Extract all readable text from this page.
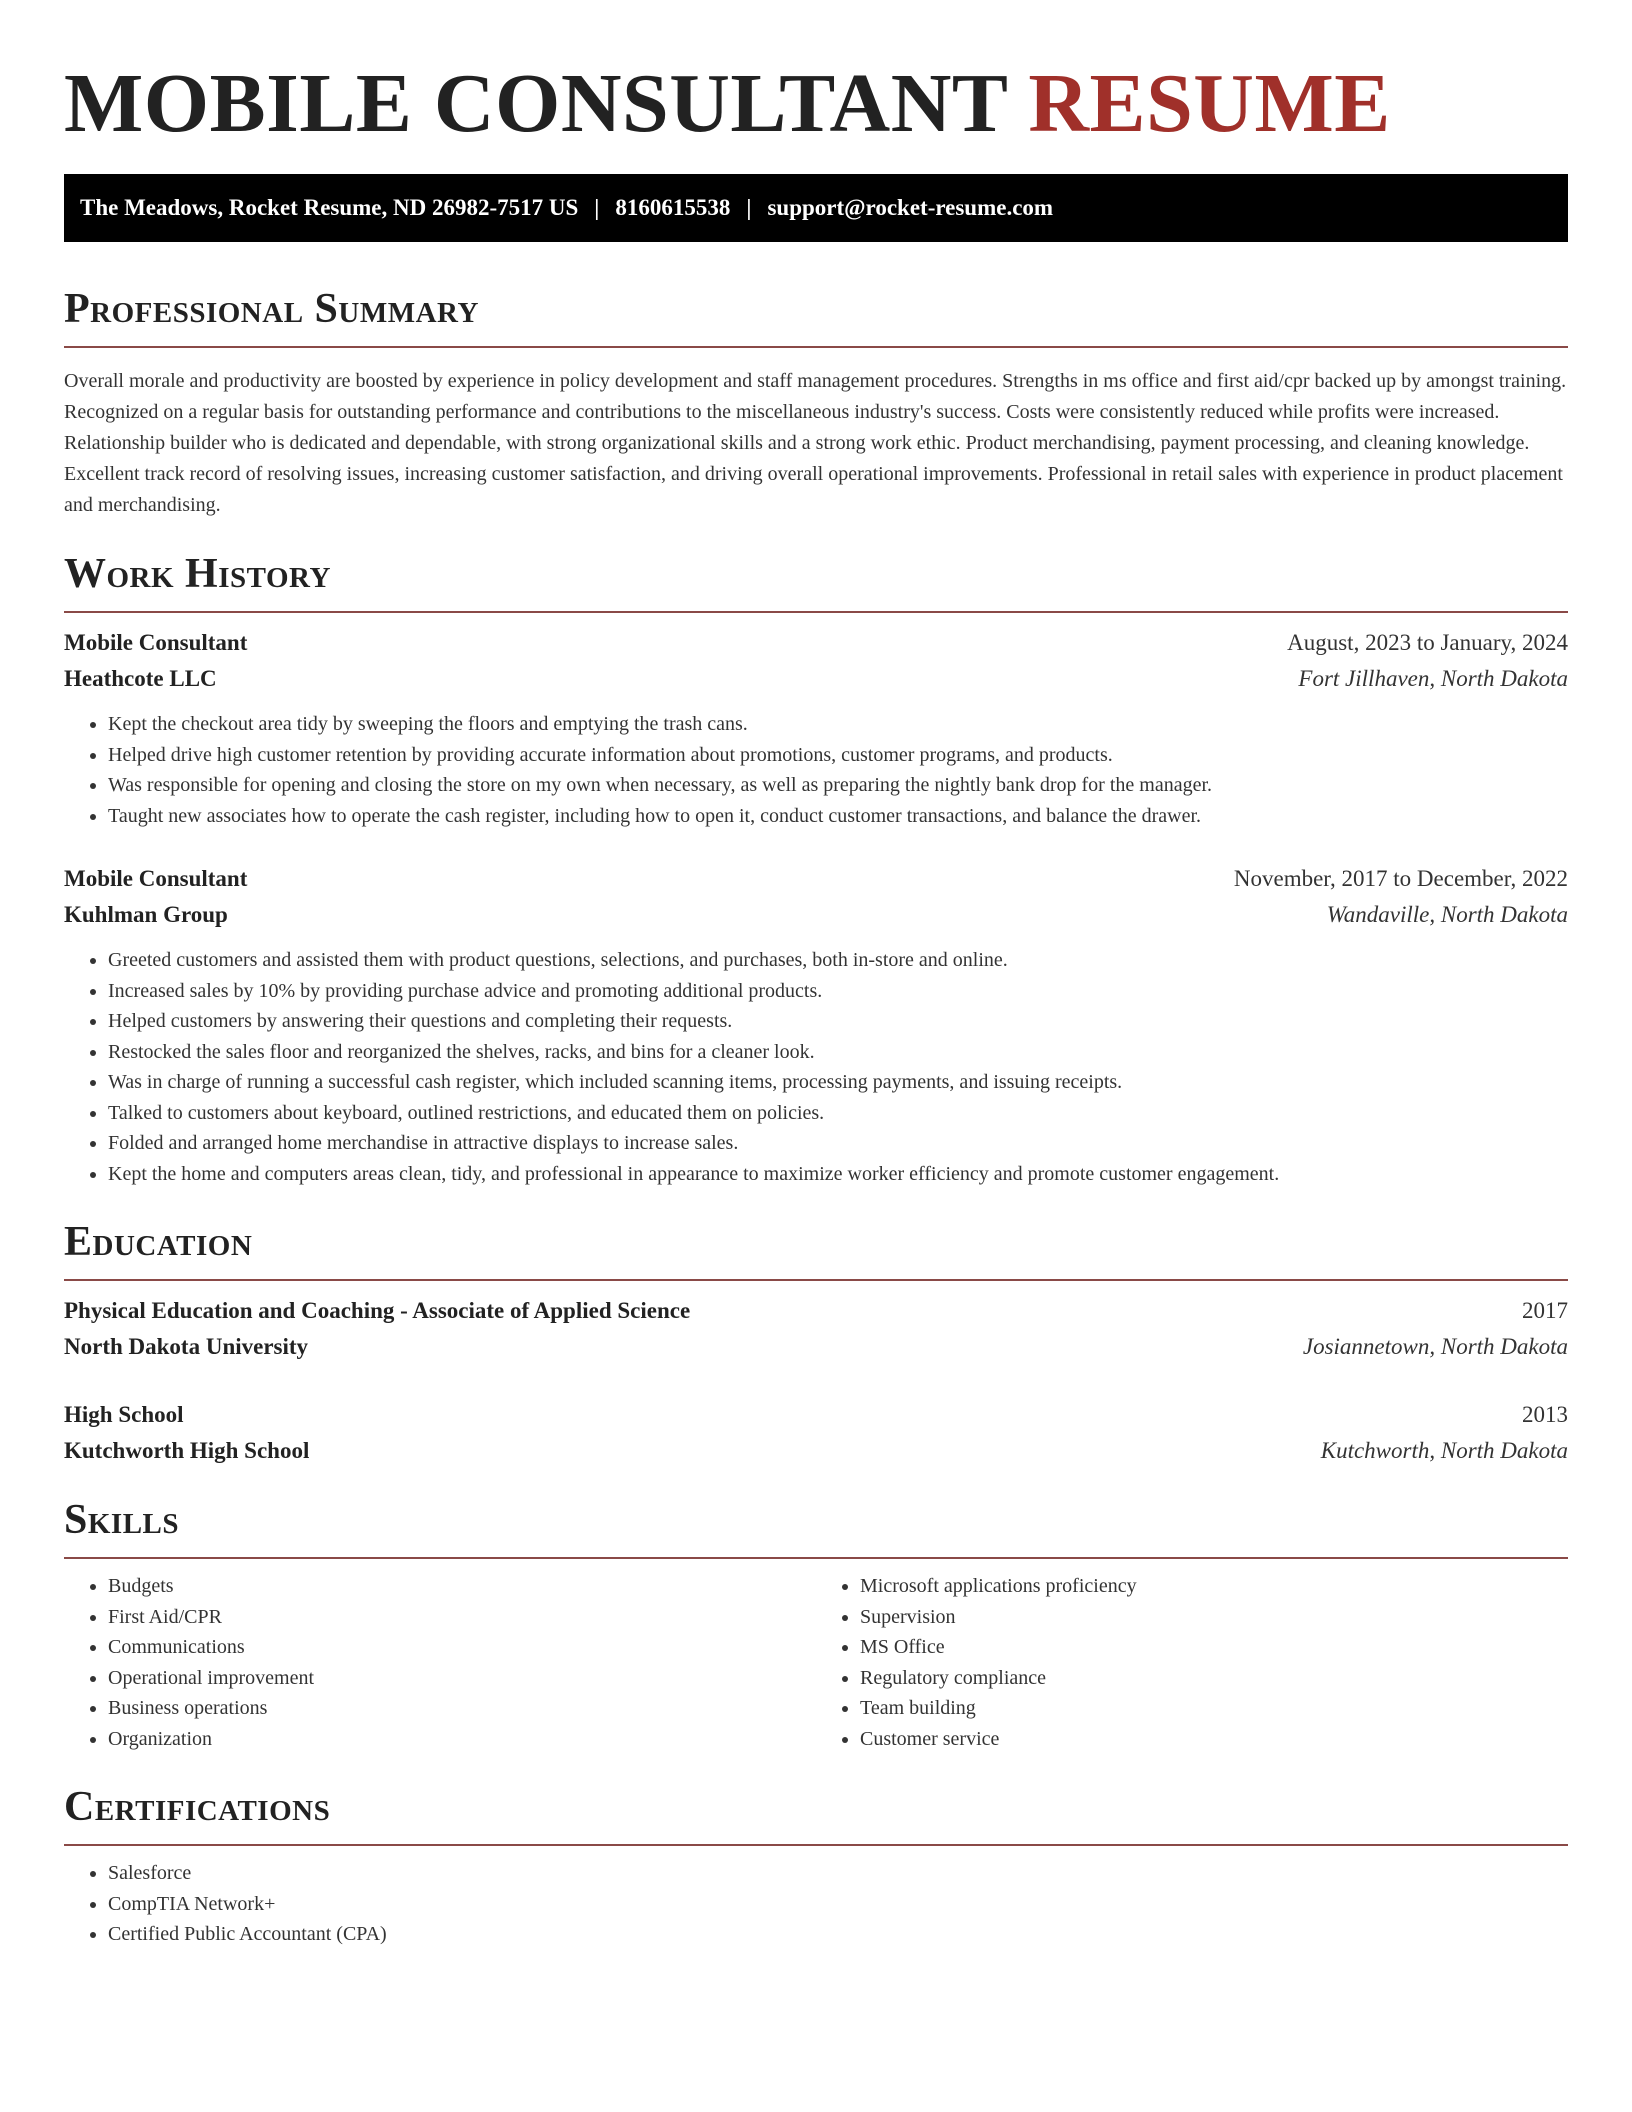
MOBILE CONSULTANT RESUME
The Meadows, Rocket Resume, ND 26982-7517 US | 8160615538 | support@rocket-resume.com
Professional Summary

Overall morale and productivity are boosted by experience in policy development and staff management procedures. Strengths in ms office and first aid/cpr backed up by amongst training. Recognized on a regular basis for outstanding performance and contributions to the miscellaneous industry's success. Costs were consistently reduced while profits were increased. Relationship builder who is dedicated and dependable, with strong organizational skills and a strong work ethic. Product merchandising, payment processing, and cleaning knowledge. Excellent track record of resolving issues, increasing customer satisfaction, and driving overall operational improvements. Professional in retail sales with experience in product placement and merchandising.

Work History
Mobile Consultant	August, 2023 to January, 2024
Heathcote LLC	Fort Jillhaven, North Dakota
• Kept the checkout area tidy by sweeping the floors and emptying the trash cans.
• Helped drive high customer retention by providing accurate information about promotions, customer programs, and products.
• Was responsible for opening and closing the store on my own when necessary, as well as preparing the nightly bank drop for the manager.
• Taught new associates how to operate the cash register, including how to open it, conduct customer transactions, and balance the drawer.
Mobile Consultant	November, 2017 to December, 2022
Kuhlman Group	Wandaville, North Dakota
• Greeted customers and assisted them with product questions, selections, and purchases, both in-store and online.
• Increased sales by 10% by providing purchase advice and promoting additional products.
• Helped customers by answering their questions and completing their requests.
• Restocked the sales floor and reorganized the shelves, racks, and bins for a cleaner look.
• Was in charge of running a successful cash register, which included scanning items, processing payments, and issuing receipts.
• Talked to customers about keyboard, outlined restrictions, and educated them on policies.
• Folded and arranged home merchandise in attractive displays to increase sales.
• Kept the home and computers areas clean, tidy, and professional in appearance to maximize worker efficiency and promote customer engagement.
Education
Physical Education and Coaching - Associate of Applied Science	2017
North Dakota University	Josiannetown, North Dakota
High School	2013
Kutchworth High School	Kutchworth, North Dakota
Skills
• Budgets
• First Aid/CPR
• Communications
• Operational improvement
• Business operations
• Organization
• Microsoft applications proficiency
• Supervision
• MS Office
• Regulatory compliance
• Team building
• Customer service
Certifications
• Salesforce
• CompTIA Network+
• Certified Public Accountant (CPA)
